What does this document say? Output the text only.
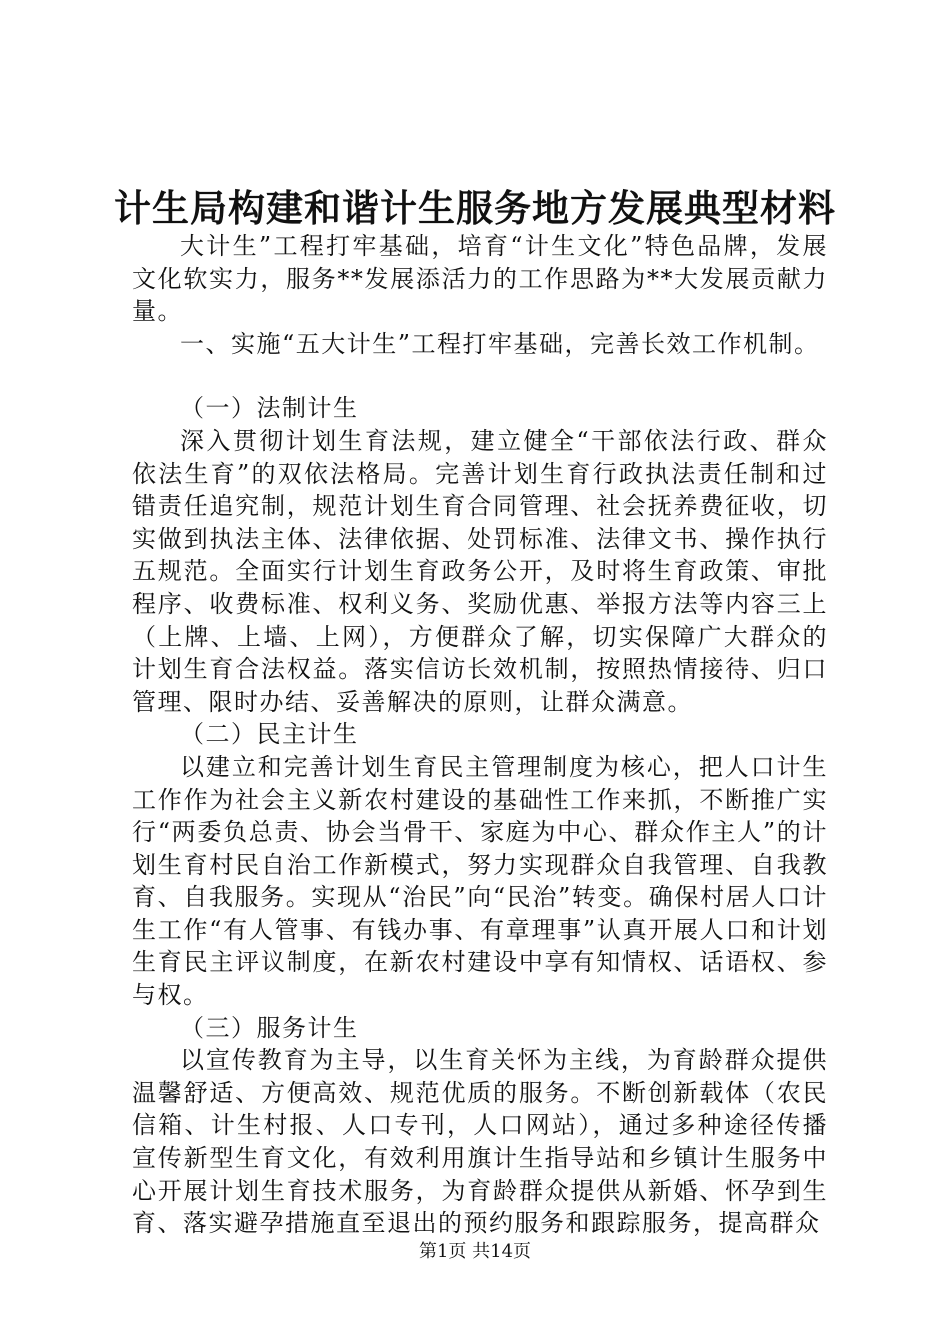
计生局构建和谐计生服务地方发展典型材料

大计生”工程打牢基础，培育“计生文化”特色品牌，发展文化软实力，服务**发展添活力的工作思路为**大发展贡献力量。

一、实施“五大计生”工程打牢基础，完善长效工作机制。

（一）法制计生

深入贯彻计划生育法规，建立健全“干部依法行政、群众依法生育”的双依法格局。完善计划生育行政执法责任制和过错责任追究制，规范计划生育合同管理、社会抚养费征收，切实做到执法主体、法律依据、处罚标准、法律文书、操作执行五规范。全面实行计划生育政务公开，及时将生育政策、审批程序、收费标准、权利义务、奖励优惠、举报方法等内容三上（上牌、上墙、上网），方便群众了解，切实保障广大群众的计划生育合法权益。落实信访长效机制，按照热情接待、归口管理、限时办结、妥善解决的原则，让群众满意。

（二）民主计生

以建立和完善计划生育民主管理制度为核心，把人口计生工作作为社会主义新农村建设的基础性工作来抓，不断推广实行“两委负总责、协会当骨干、家庭为中心、群众作主人”的计划生育村民自治工作新模式，努力实现群众自我管理、自我教育、自我服务。实现从“治民”向“民治”转变。确保村居人口计生工作“有人管事、有钱办事、有章理事”认真开展人口和计划生育民主评议制度，在新农村建设中享有知情权、话语权、参与权。

（三）服务计生

以宣传教育为主导，以生育关怀为主线，为育龄群众提供温馨舒适、方便高效、规范优质的服务。不断创新载体（农民信箱、计生村报、人口专刊，人口网站），通过多种途径传播宣传新型生育文化，有效利用旗计生指导站和乡镇计生服务中心开展计划生育技术服务，为育龄群众提供从新婚、怀孕到生育、落实避孕措施直至退出的预约服务和跟踪服务，提高群众

第1页 共14页
